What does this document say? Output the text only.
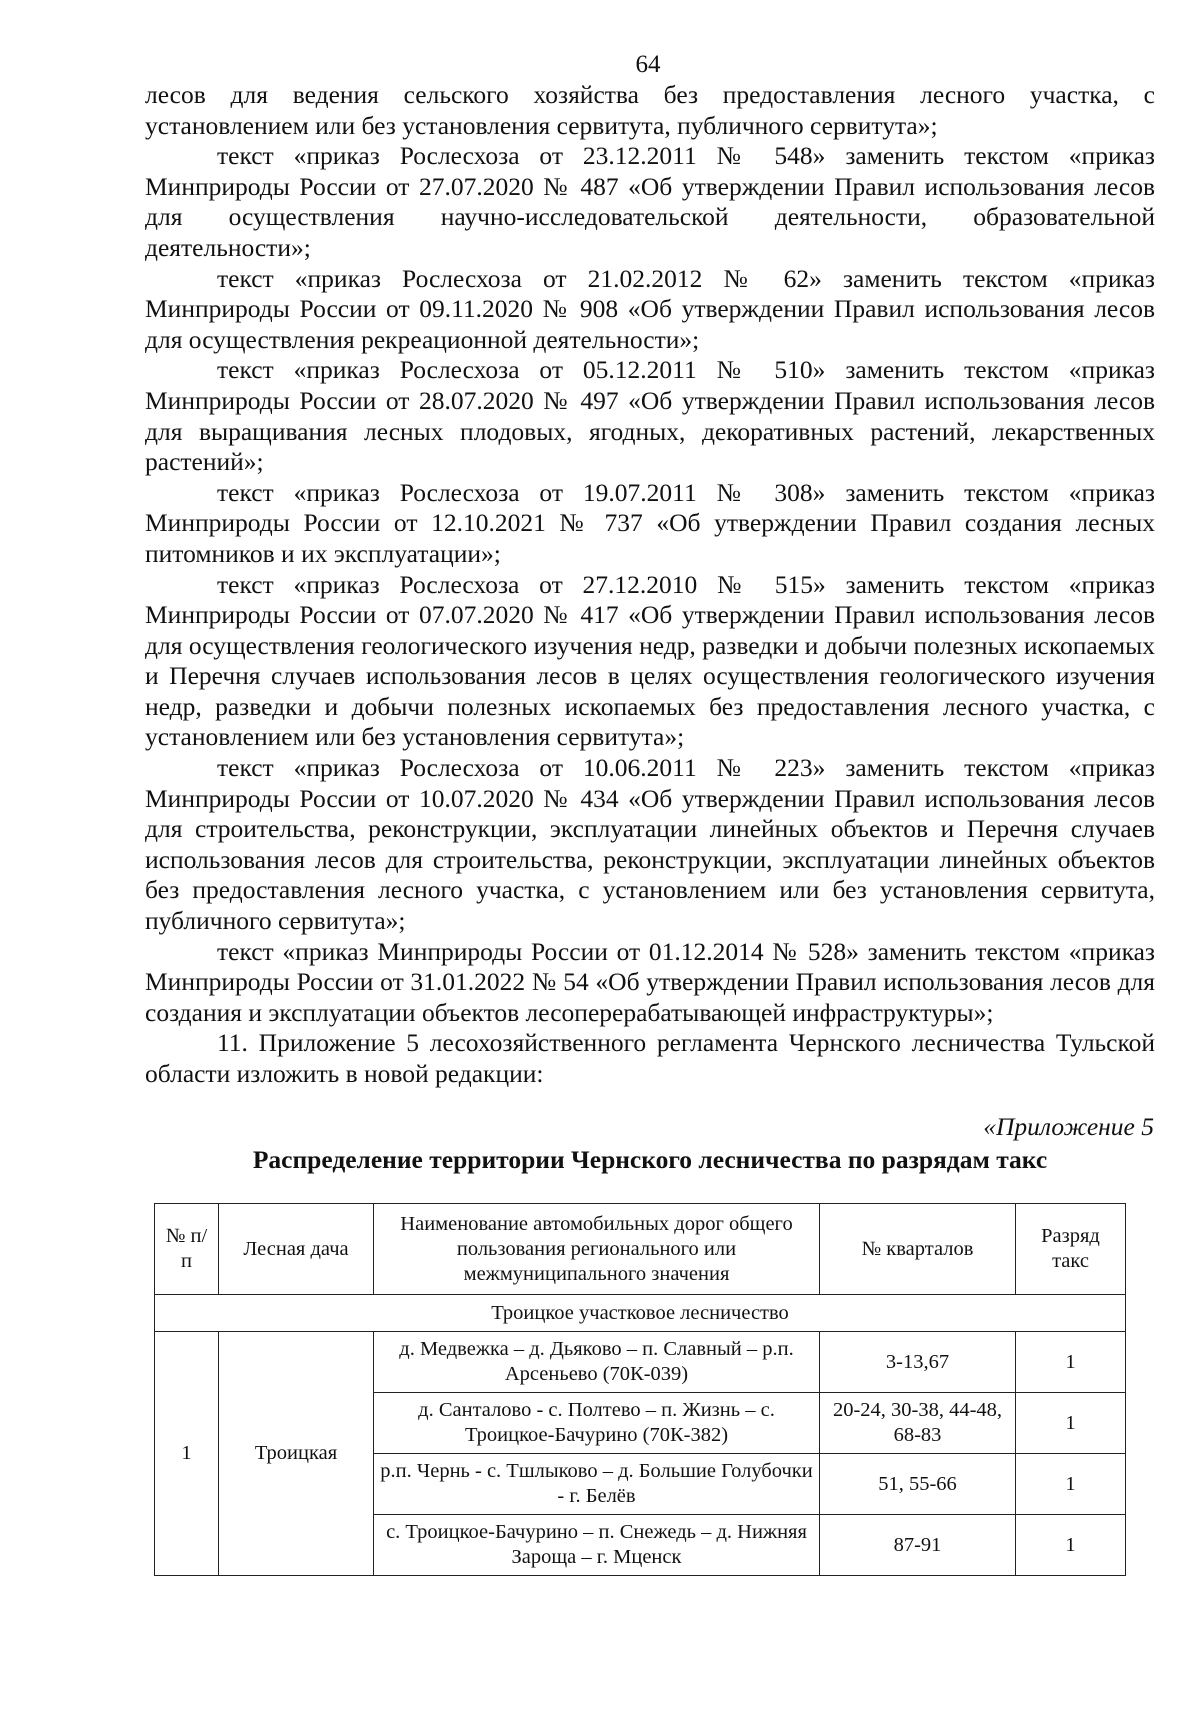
64

лесов для ведения сельского хозяйства без предоставления лесного участка, с установлением или без установления сервитута, публичного сервитута»;

текст «приказ Рослесхоза от 23.12.2011 № 548» заменить текстом «приказ Минприроды России от 27.07.2020 № 487 «Об утверждении Правил использования лесов для осуществления научно-исследовательской деятельности, образовательной деятельности»;

текст «приказ Рослесхоза от 21.02.2012 № 62» заменить текстом «приказ Минприроды России от 09.11.2020 № 908 «Об утверждении Правил использования лесов для осуществления рекреационной деятельности»;

текст «приказ Рослесхоза от 05.12.2011 № 510» заменить текстом «приказ Минприроды России от 28.07.2020 № 497 «Об утверждении Правил использования лесов для выращивания лесных плодовых, ягодных, декоративных растений, лекарственных растений»;

текст «приказ Рослесхоза от 19.07.2011 № 308» заменить текстом «приказ Минприроды России от 12.10.2021 № 737 «Об утверждении Правил создания лесных питомников и их эксплуатации»;

текст «приказ Рослесхоза от 27.12.2010 № 515» заменить текстом «приказ Минприроды России от 07.07.2020 № 417 «Об утверждении Правил использования лесов для осуществления геологического изучения недр, разведки и добычи полезных ископаемых и Перечня случаев использования лесов в целях осуществления геологического изучения недр, разведки и добычи полезных ископаемых без предоставления лесного участка, с установлением или без установления сервитута»;

текст «приказ Рослесхоза от 10.06.2011 № 223» заменить текстом «приказ Минприроды России от 10.07.2020 № 434 «Об утверждении Правил использования лесов для строительства, реконструкции, эксплуатации линейных объектов и Перечня случаев использования лесов для строительства, реконструкции, эксплуатации линейных объектов без предоставления лесного участка, с установлением или без установления сервитута, публичного сервитута»;

текст «приказ Минприроды России от 01.12.2014 № 528» заменить текстом «приказ Минприроды России от 31.01.2022 № 54 «Об утверждении Правил использования лесов для создания и эксплуатации объектов лесоперерабатывающей инфраструктуры»;

11. Приложение 5 лесохозяйственного регламента Чернского лесничества Тульской области изложить в новой редакции:

«Приложение 5
Распределение территории Чернского лесничества по разрядам такс
№ п/п	Лесная дача	Наименование автомобильных дорог общего пользования регионального или межмуниципального значения	№ кварталов	Разряд такс
Троицкое участковое лесничество				
1	Троицкая	д. Медвежка – д. Дьяково – п. Славный – р.п. Арсеньево (70К-039)	3-13,67	1
		д. Санталово - с. Полтево – п. Жизнь – с. Троицкое-Бачурино (70К-382)	20-24, 30-38, 44-48, 68-83	1
		р.п. Чернь - с. Тшлыково – д. Большие Голубочки - г. Белёв	51, 55-66	1
		с. Троицкое-Бачурино – п. Снежедь – д. Нижняя Зароща – г. Мценск	87-91	1
